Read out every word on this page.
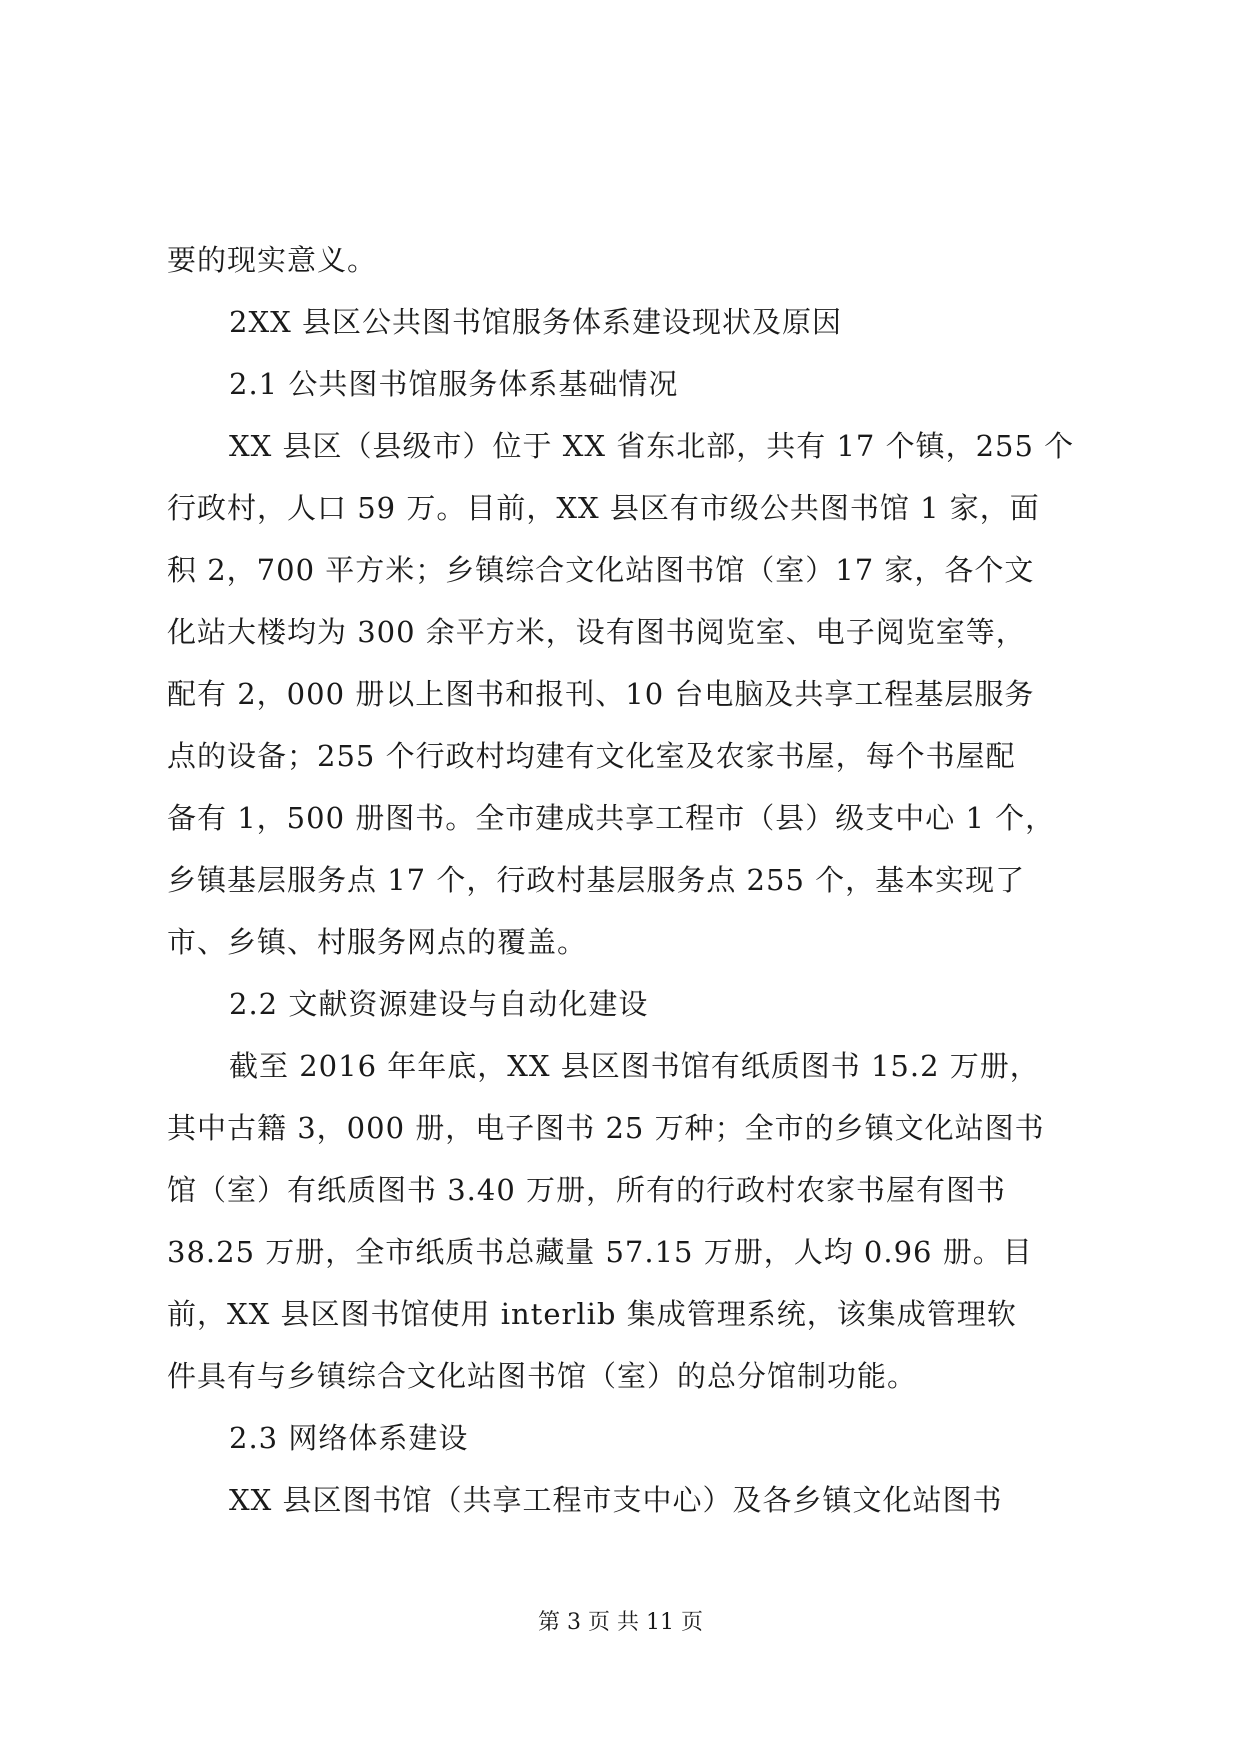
要的现实意义。
2XX 县区公共图书馆服务体系建设现状及原因
2.1 公共图书馆服务体系基础情况
XX 县区（县级市）位于 XX 省东北部，共有 17 个镇，255 个
行政村，人口 59 万。目前，XX 县区有市级公共图书馆 1 家，面
积 2，700 平方米；乡镇综合文化站图书馆（室）17 家，各个文
化站大楼均为 300 余平方米，设有图书阅览室、电子阅览室等，
配有 2，000 册以上图书和报刊、10 台电脑及共享工程基层服务
点的设备；255 个行政村均建有文化室及农家书屋，每个书屋配
备有 1，500 册图书。全市建成共享工程市（县）级支中心 1 个，
乡镇基层服务点 17 个，行政村基层服务点 255 个，基本实现了
市、乡镇、村服务网点的覆盖。
2.2 文献资源建设与自动化建设
截至 2016 年年底，XX 县区图书馆有纸质图书 15.2 万册，
其中古籍 3，000 册，电子图书 25 万种；全市的乡镇文化站图书
馆（室）有纸质图书 3.40 万册，所有的行政村农家书屋有图书
38.25 万册，全市纸质书总藏量 57.15 万册，人均 0.96 册。目
前，XX 县区图书馆使用 interlib 集成管理系统，该集成管理软
件具有与乡镇综合文化站图书馆（室）的总分馆制功能。
2.3 网络体系建设
XX 县区图书馆（共享工程市支中心）及各乡镇文化站图书
第 3 页 共 11 页
